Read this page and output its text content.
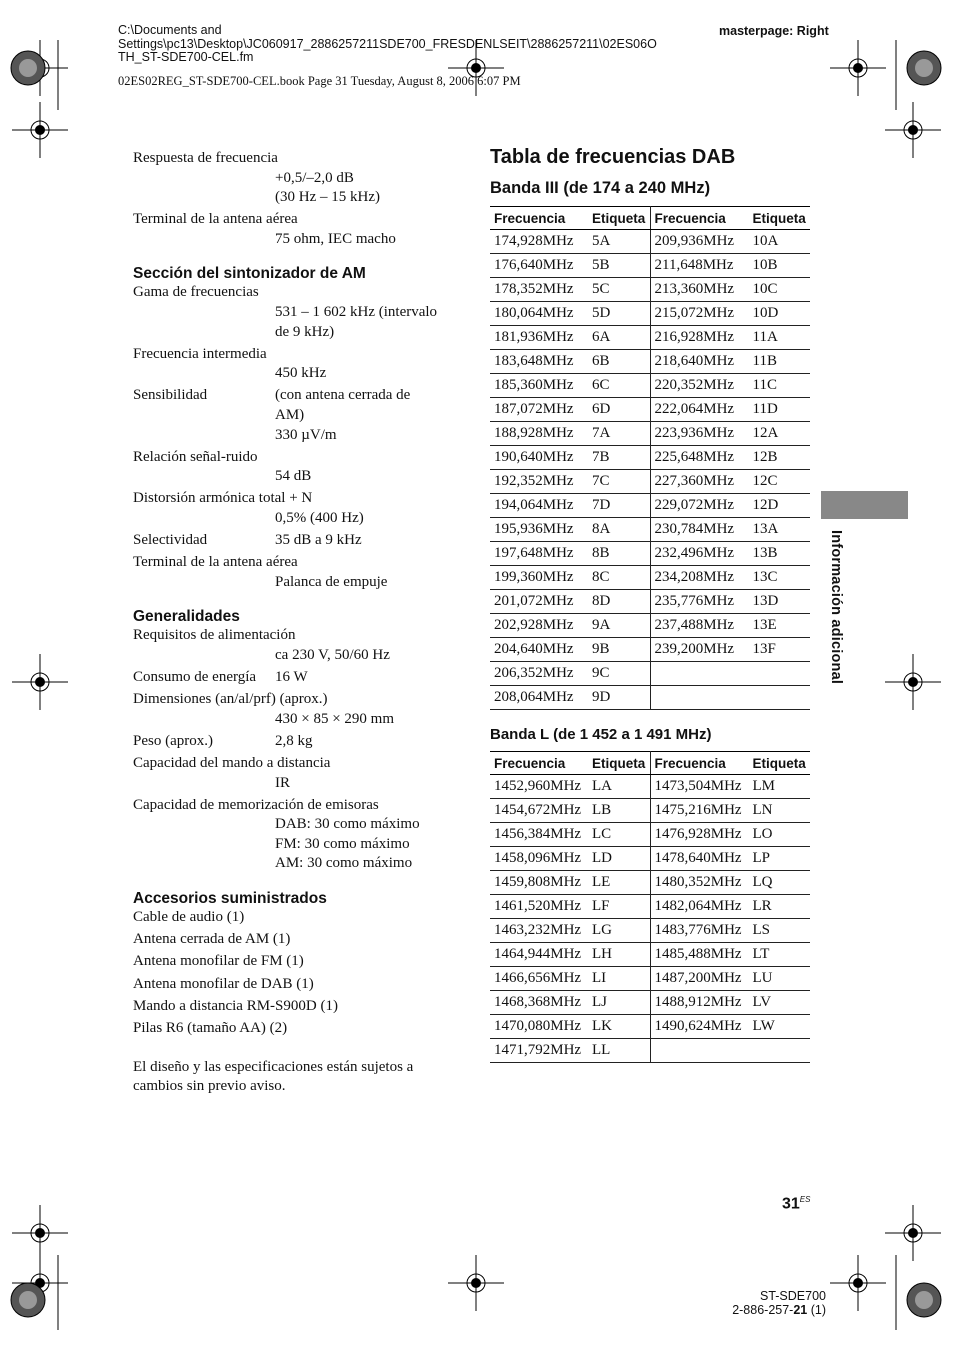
C:\Documents and
Settings\pc13\Desktop\JC060917_2886257211SDE700_FRESDENLSEIT\2886257211\02ES06O
TH_ST-SDE700-CEL.fm
masterpage: Right
02ES02REG_ST-SDE700-CEL.book Page 31 Tuesday, August 8, 2006 6:07 PM
Respuesta de frecuencia
+0,5/–2,0 dB
(30 Hz – 15 kHz)
Terminal de la antena aérea
75 ohm, IEC macho
Sección del sintonizador de AM
Gama de frecuencias
531 – 1 602 kHz (intervalo
de 9 kHz)
Frecuencia intermedia
450 kHz
Sensibilidad	(con antena cerrada de
AM)
330 µV/m
Relación señal-ruido
54 dB
Distorsión armónica total + N
0,5% (400 Hz)
Selectividad	35 dB a 9 kHz
Terminal de la antena aérea
Palanca de empuje
Generalidades
Requisitos de alimentación
ca 230 V, 50/60 Hz
Consumo de energía	16 W
Dimensiones (an/al/prf) (aprox.)
430 × 85 × 290 mm
Peso (aprox.)	2,8 kg
Capacidad del mando a distancia
IR
Capacidad de memorización de emisoras
DAB: 30 como máximo
FM: 30 como máximo
AM: 30 como máximo
Accesorios suministrados
Cable de audio (1)
Antena cerrada de AM (1)
Antena monofilar de FM (1)
Antena monofilar de DAB (1)
Mando a distancia RM-S900D (1)
Pilas R6 (tamaño AA) (2)
El diseño y las especificaciones están sujetos a cambios sin previo aviso.
Tabla de frecuencias DAB
Banda III (de 174 a 240 MHz)
Frecuencia	Etiqueta	Frecuencia	Etiqueta
174,928MHz	5A	209,936MHz	10A
176,640MHz	5B	211,648MHz	10B
178,352MHz	5C	213,360MHz	10C
180,064MHz	5D	215,072MHz	10D
181,936MHz	6A	216,928MHz	11A
183,648MHz	6B	218,640MHz	11B
185,360MHz	6C	220,352MHz	11C
187,072MHz	6D	222,064MHz	11D
188,928MHz	7A	223,936MHz	12A
190,640MHz	7B	225,648MHz	12B
192,352MHz	7C	227,360MHz	12C
194,064MHz	7D	229,072MHz	12D
195,936MHz	8A	230,784MHz	13A
197,648MHz	8B	232,496MHz	13B
199,360MHz	8C	234,208MHz	13C
201,072MHz	8D	235,776MHz	13D
202,928MHz	9A	237,488MHz	13E
204,640MHz	9B	239,200MHz	13F
206,352MHz	9C		
208,064MHz	9D		
Banda L (de 1 452 a 1 491 MHz)
Frecuencia	Etiqueta	Frecuencia	Etiqueta
1452,960MHz	LA	1473,504MHz	LM
1454,672MHz	LB	1475,216MHz	LN
1456,384MHz	LC	1476,928MHz	LO
1458,096MHz	LD	1478,640MHz	LP
1459,808MHz	LE	1480,352MHz	LQ
1461,520MHz	LF	1482,064MHz	LR
1463,232MHz	LG	1483,776MHz	LS
1464,944MHz	LH	1485,488MHz	LT
1466,656MHz	LI	1487,200MHz	LU
1468,368MHz	LJ	1488,912MHz	LV
1470,080MHz	LK	1490,624MHz	LW
1471,792MHz	LL		
Información adicional
$31^{ES}$
ST-SDE700
2-886-257-21 (1)
